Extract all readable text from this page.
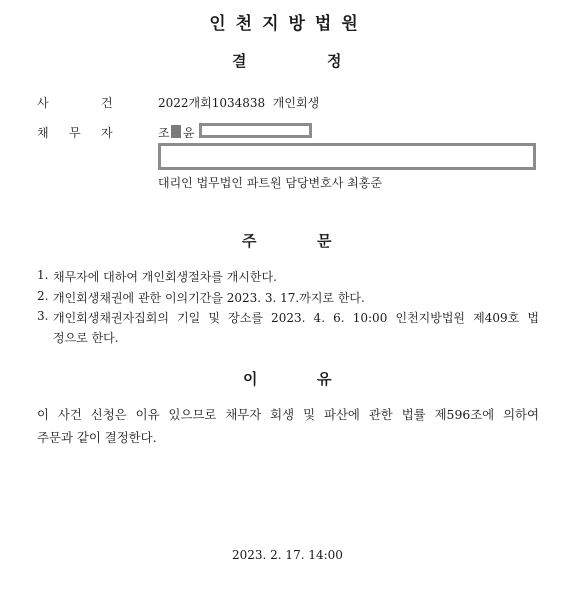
인천지방법원
결	정
사	건	2022개회1034838  개인회생
채 무 자	조 윤
대리인 법무법인 파트원 담당변호사 최홍준
주	문
1. 채무자에 대하여 개인회생절차를 개시한다.
2. 개인회생채권에 관한 이의기간을 2023. 3. 17.까지로 한다.
3. 개인회생채권자집회의 기일 및 장소를 2023. 4. 6. 10:00 인천지방법원 제409호 법
정으로 한다.
이	유
이 사건 신청은 이유 있으므로 채무자 회생 및 파산에 관한 법률 제596조에 의하여
주문과 같이 결정한다.
2023. 2. 17. 14:00
